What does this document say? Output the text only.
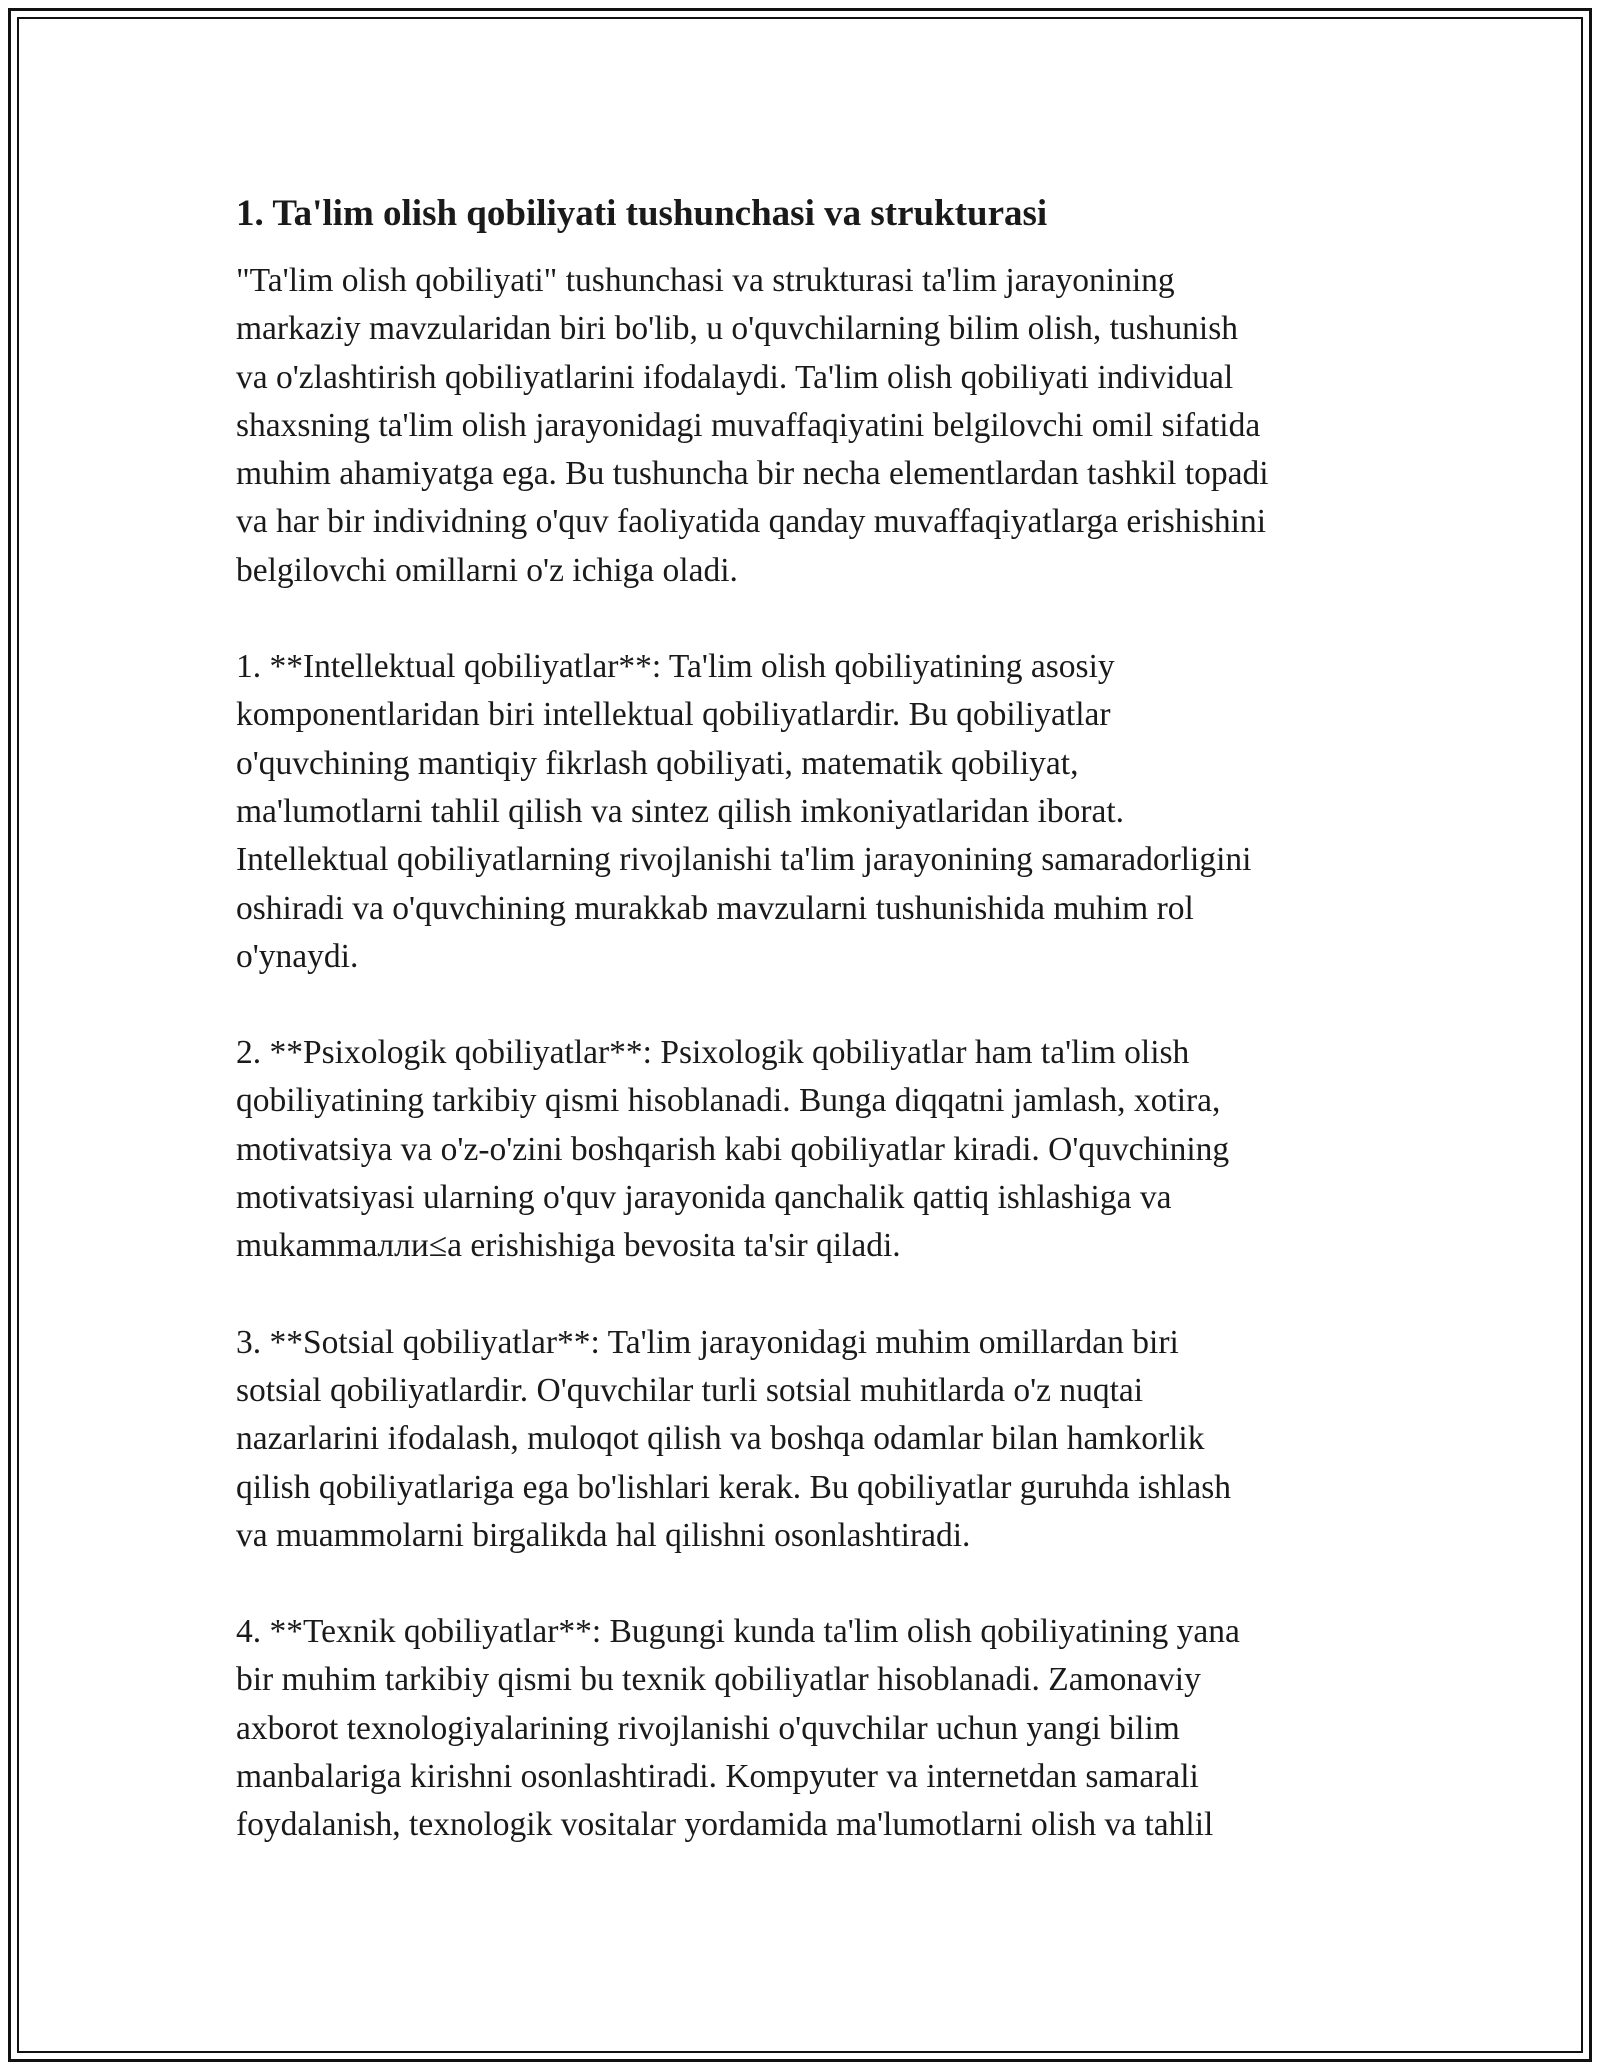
1. Ta'lim olish qobiliyati tushunchasi va strukturasi

"Ta'lim olish qobiliyati" tushunchasi va strukturasi ta'lim jarayonining
markaziy mavzularidan biri bo'lib, u o'quvchilarning bilim olish, tushunish
va o'zlashtirish qobiliyatlarini ifodalaydi. Ta'lim olish qobiliyati individual
shaxsning ta'lim olish jarayonidagi muvaffaqiyatini belgilovchi omil sifatida
muhim ahamiyatga ega. Bu tushuncha bir necha elementlardan tashkil topadi
va har bir individning o'quv faoliyatida qanday muvaffaqiyatlarga erishishini
belgilovchi omillarni o'z ichiga oladi.

1. **Intellektual qobiliyatlar**: Ta'lim olish qobiliyatining asosiy
komponentlaridan biri intellektual qobiliyatlardir. Bu qobiliyatlar
o'quvchining mantiqiy fikrlash qobiliyati, matematik qobiliyat,
ma'lumotlarni tahlil qilish va sintez qilish imkoniyatlaridan iborat.
Intellektual qobiliyatlarning rivojlanishi ta'lim jarayonining samaradorligini
oshiradi va o'quvchining murakkab mavzularni tushunishida muhim rol
o'ynaydi.

2. **Psixologik qobiliyatlar**: Psixologik qobiliyatlar ham ta'lim olish
qobiliyatining tarkibiy qismi hisoblanadi. Bunga diqqatni jamlash, xotira,
motivatsiya va o'z-o'zini boshqarish kabi qobiliyatlar kiradi. O'quvchining
motivatsiyasi ularning o'quv jarayonida qanchalik qattiq ishlashiga va
mukammaлли≤a erishishiga bevosita ta'sir qiladi.

3. **Sotsial qobiliyatlar**: Ta'lim jarayonidagi muhim omillardan biri
sotsial qobiliyatlardir. O'quvchilar turli sotsial muhitlarda o'z nuqtai
nazarlarini ifodalash, muloqot qilish va boshqa odamlar bilan hamkorlik
qilish qobiliyatlariga ega bo'lishlari kerak. Bu qobiliyatlar guruhda ishlash
va muammolarni birgalikda hal qilishni osonlashtiradi.

4. **Texnik qobiliyatlar**: Bugungi kunda ta'lim olish qobiliyatining yana
bir muhim tarkibiy qismi bu texnik qobiliyatlar hisoblanadi. Zamonaviy
axborot texnologiyalarining rivojlanishi o'quvchilar uchun yangi bilim
manbalariga kirishni osonlashtiradi. Kompyuter va internetdan samarali
foydalanish, texnologik vositalar yordamida ma'lumotlarni olish va tahlil
